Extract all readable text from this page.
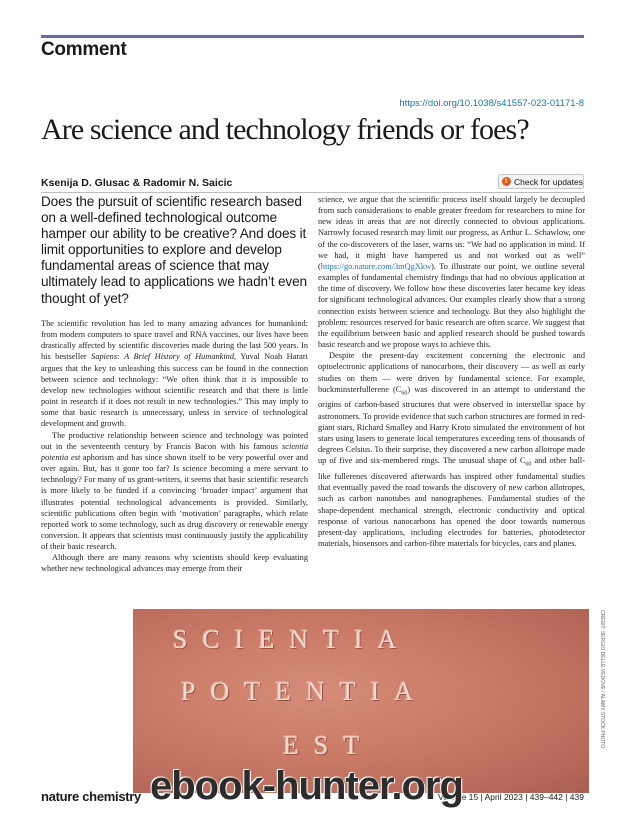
Comment
https://doi.org/10.1038/s41557-023-01171-8
Are science and technology friends or foes?
Ksenija D. Glusac & Radomir N. Saicic	Check for updates
Does the pursuit of scientific research based on a well-defined technological outcome hamper our ability to be creative? And does it limit opportunities to explore and develop fundamental areas of science that may ultimately lead to applications we hadn’t even thought of yet?

The scientific revolution has led to many amazing advances for humankind: from modern computers to space travel and RNA vaccines, our lives have been drastically affected by scientific discoveries made during the last 500 years. In his bestseller Sapiens: A Brief History of Humankind, Yuval Noah Harari argues that the key to unleashing this success can be found in the connection between science and technology: “We often think that it is impossible to develop new technologies without scientific research and that there is little point in research if it does not result in new technologies.” This may imply to some that basic research is unnecessary, unless in service of technological development and growth.

The productive relationship between science and technology was pointed out in the seventeenth century by Francis Bacon with his famous scientia potentia est aphorism and has since shown itself to be very powerful over and over again. But, has it gone too far? Is science becoming a mere servant to technology? For many of us grant-writers, it seems that basic scientific research is more likely to be funded if a convincing ‘broader impact’ argument that illustrates potential technological advancements is provided. Similarly, scientific publications often begin with ‘motivation’ paragraphs, which relate reported work to some technology, such as drug discovery or renewable energy conversion. It appears that scientists must continuously justify the applicability of their basic research.

Although there are many reasons why scientists should keep evaluating whether new technological advances may emerge from their

science, we argue that the scientific process itself should largely be decoupled from such considerations to enable greater freedom for researchers to mine for new ideas in areas that are not directly connected to obvious applications. Narrowly focused research may limit our progress, as Arthur L. Schawlow, one of the co-discoverers of the laser, warns us: “We had no application in mind. If we had, it might have hampered us and not worked out as well” (https://go.nature.com/3mQgXkw). To illustrate our point, we outline several examples of fundamental chemistry findings that had no obvious application at the time of discovery. We follow how these discoveries later became key ideas for significant technological advances. Our examples clearly show that a strong connection exists between science and technology. But they also highlight the problem: resources reserved for basic research are often scarce. We suggest that the equilibrium between basic and applied research should be pushed towards basic research and we propose ways to achieve this.

Despite the present-day excitement concerning the electronic and optoelectronic applications of nanocarbons, their discovery — as well as early studies on them — were driven by fundamental science. For example, buckminsterfullerene $(C_{60})$ was discovered in an attempt to understand the origins of carbon-based structures that were observed in interstellar space by astronomers. To provide evidence that such carbon structures are formed in red-giant stars, Richard Smalley and Harry Kroto simulated the environment of hot stars using lasers to generate local temperatures exceeding tens of thousands of degrees Celsius. To their surprise, they discovered a new carbon allotrope made up of five and six-membered rings. The unusual shape of $C_{60}$ and other ball-like fullerenes discovered afterwards has inspired other fundamental studies that eventually paved the road towards the discovery of new carbon allotropes, such as carbon nanotubes and nanographenes. Fundamental studies of the shape-dependent mechanical strength, electronic conductivity and optical response of various nanocarbons has opened the door towards numerous present-day applications, including electrodes for batteries, photodetector materials, biosensors and carbon-fibre materials for bicycles, cars and planes.

SCIENTIA
POTENTIA
EST	CREDIT: SERGIO DELLE VEDOVE / ALAMY STOCK PHOTO
nature chemistry	Volume 15 | April 2023 | 439–442 | 439
ebook-hunter.org
